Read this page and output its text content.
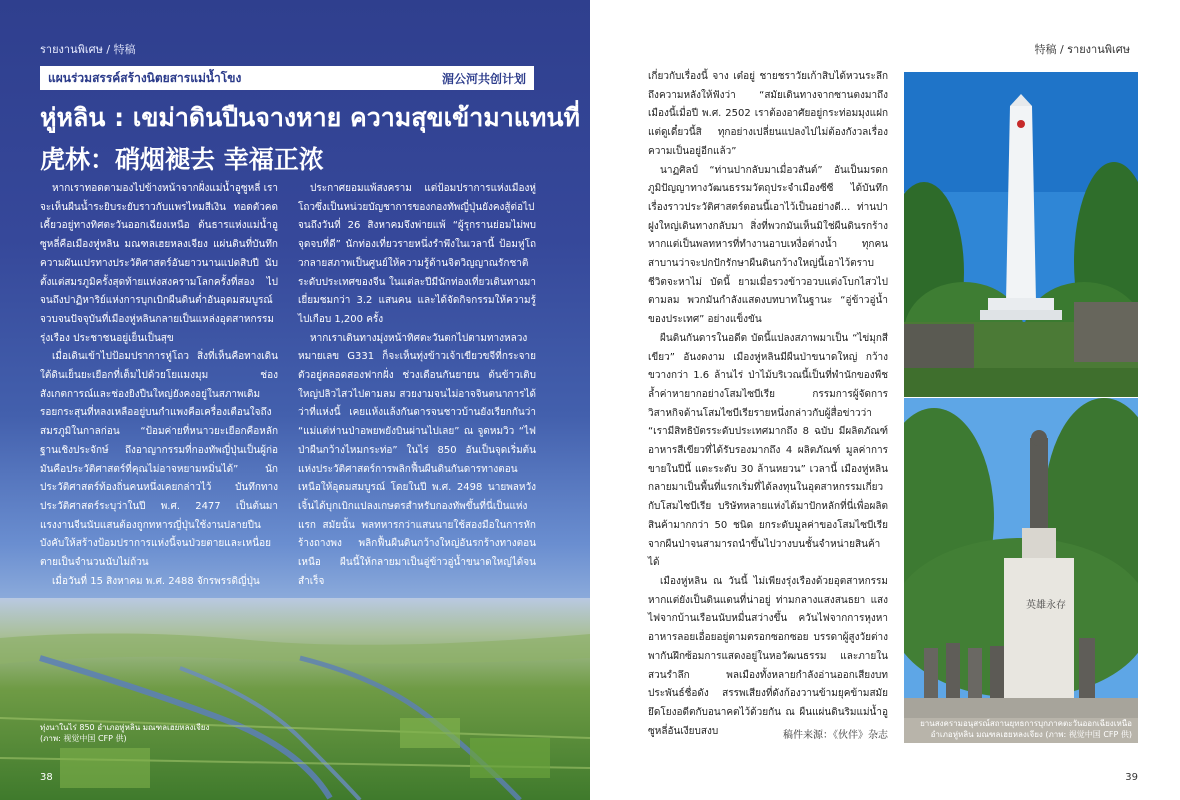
รายงานพิเศษ / 特稿
แผนร่วมสรรค์สร้างนิตยสารแม่น้ำโขง	湄公河共创计划
หู่หลิน : เขม่าดินปืนจางหาย ความสุขเข้ามาแทนที่
虎林：硝烟褪去 幸福正浓

หากเราทอดตามองไปข้างหน้าจากฝั่งแม่น้ำอูซูหลี่ เราจะเห็นผืนน้ำระยิบระยับราวกับแพรไหมสีเงิน ทอดตัวคดเคี้ยวอยู่ทางทิศตะวันออกเฉียงเหนือ ต้นธารแห่งแม่น้ำอูซูหลี่คือเมืองหู่หลิน มณฑลเฮยหลงเจียง แผ่นดินที่บันทึกความผันแปรทางประวัติศาสตร์อันยาวนานแปดสิบปี นับตั้งแต่สมรภูมิครั้งสุดท้ายแห่งสงครามโลกครั้งที่สอง ไปจนถึงปาฏิหาริย์แห่งการบุกเบิกผืนดินต่ำอันอุดมสมบูรณ์ จวบจนปัจจุบันที่เมืองหู่หลินกลายเป็นแหล่งอุตสาหกรรมรุ่งเรือง ประชาชนอยู่เย็นเป็นสุข

เมื่อเดินเข้าไปป้อมปราการหู่โถว สิ่งที่เห็นคือทางเดินใต้ดินเย็นยะเยือกที่เต็มไปด้วยโยแมงมุม ช่องสังเกตการณ์และช่องยิงปืนใหญ่ยังคงอยู่ในสภาพเดิม รอยกระสุนที่หลงเหลืออยู่บนกำแพงคือเครื่องเตือนใจถึงสมรภูมิในกาลก่อน “ป้อมค่ายที่หนาวยะเยือกคือหลักฐานเชิงประจักษ์ ถึงอาญากรรมที่กองทัพญี่ปุ่นเป็นผู้ก่อ มันคือประวัติศาสตร์ที่คุณไม่อาจหยามหมิ่นได้” นักประวัติศาสตร์ท้องถิ่นคนหนึ่งเคยกล่าวไว้ บันทึกทางประวัติศาสตร์ระบุว่าในปี พ.ศ. 2477 เป็นต้นมา แรงงานจีนนับแสนต้องถูกทหารญี่ปุ่นใช้งานปลายปืนบังคับให้สร้างป้อมปราการแห่งนี้จนป่วยตายและเหนื่อยตายเป็นจำนวนนับไม่ถ้วน

เมื่อวันที่ 15 สิงหาคม พ.ศ. 2488 จักรพรรดิญี่ปุ่น

ประกาศยอมแพ้สงคราม แต่ป้อมปราการแห่งเมืองหู่โถวซึ่งเป็นหน่วยบัญชาการของกองทัพญี่ปุ่นยังคงสู้ต่อไปจนถึงวันที่ 26 สิงหาคมจึงพ่ายแพ้ “ผู้รุกรานย่อมไม่พบจุดจบที่ดี” นักท่องเที่ยวรายหนึ่งรำพึงในเวลานี้ ป้อมหู่โถวกลายสภาพเป็นศูนย์ให้ความรู้ด้านจิตวิญญาณรักชาติระดับประเทศของจีน ในแต่ละปีมีนักท่องเที่ยวเดินทางมาเยี่ยมชมกว่า 3.2 แสนคน และได้จัดกิจกรรมให้ความรู้ไปเกือบ 1,200 ครั้ง

หากเราเดินทางมุ่งหน้าทิศตะวันตกไปตามทางหลวงหมายเลข G331 ก็จะเห็นทุ่งข้าวเจ้าเขียวขจีที่กระจายตัวอยู่ตลอดสองฟากฝั่ง ช่วงเดือนกันยายน ต้นข้าวเติบใหญ่ปลิวไสวไปตามลม สวยงามจนไม่อาจจินตนาการได้ว่าที่แห่งนี้ เคยแห้งแล้งกันดารจนชาวบ้านยังเรียกกันว่า “แม่แต่ห่านป่าอพยพยังบินผ่านไปเลย” ณ จูดหมวิว “ไฟป่าผืนกว้างไหมกระท่อ” ในไร่ 850 อันเป็นจุดเริ่มต้นแห่งประวัติศาสตร์การพลิกฟื้นผืนดินกันดารทางตอนเหนือให้อุดมสมบูรณ์ โดยในปี พ.ศ. 2498 นายพลหวังเจิ้นได้บุกเบิกแปลงเกษตรสำหรับกองทัพขึ้นที่นี่เป็นแห่งแรก สมัยนั้น พลทหารกว่าแสนนายใช้สองมือในการหักร้างถางพง พลิกฟื้นผืนดินกว้างใหญ่อันรกร้างทางตอนเหนือ ผืนนี้ให้กลายมาเป็นอู่ข้าวอู่น้ำขนาดใหญ่ได้จนสำเร็จ

ทุ่งนาในไร่ 850 อำเภอหู่หลิน มณฑลเฮยหลงเจียง (ภาพ: 视觉中国 CFP 供)
38
特稿 / รายงานพิเศษ

เกี่ยวกับเรื่องนี้ จาง เต๋อยู่ ชายชราวัยเก้าสิบได้หวนระลึกถึงความหลังให้ฟังว่า “สมัยเดินทางจากซานตงมาถึงเมืองนี้เมื่อปี พ.ศ. 2502 เราต้องอาศัยอยู่กระท่อมมุงแฝก แต่ดูเดี๋ยวนี้สิ ทุกอย่างเปลี่ยนแปลงไปไม่ต้องกังวลเรื่องความเป็นอยู่อีกแล้ว”

นาฏศิลป์ “ท่านปากลับมาเมื่อวสันต์” อันเป็นมรดกภูมิปัญญาทางวัฒนธรรมวัตถุประจำเมืองซีซี ได้บันทึกเรื่องราวประวัติศาสตร์ตอนนี้เอาไว้เป็นอย่างดี... ท่านปาฝูงใหญ่เดินทางกลับมา สิ่งที่พวกมันเห็นมิใช่ผืนดินรกร้าง หากแต่เป็นพลทหารที่ทำงานอาบเหงื่อต่างน้ำ ทุกคนสาบานว่าจะปกปักรักษาผืนดินกว้างใหญ่นี้เอาไว้ตราบชีวิตจะหาไม่ บัดนี้ ยามเมื่อรวงข้าวอวบแต่งโบกไสวไปตามลม พวกมันกำลังแสดงบทบาทในฐานะ “อู่ข้าวอู่น้ำของประเทศ” อย่างแข็งขัน

ผืนดินกันดารในอดีต บัดนี้แปลงสภาพมาเป็น “ไข่มุกสีเขียว” อันงดงาม เมืองหู่หลินมีผืนป่าขนาดใหญ่ กว้างขวางกว่า 1.6 ล้านไร่ ป่าไม้บริเวณนี้เป็นที่พำนักของพืชล้ำค่าหายากอย่างโสมไซบีเรีย กรรมการผู้จัดการวิสาหกิจด้านโสมไซบีเรียรายหนึ่งกล่าวกับผู้สื่อข่าวว่า “เรามีสิทธิบัตรระดับประเทศมากถึง 8 ฉบับ มีผลิตภัณฑ์อาหารสีเขียวที่ได้รับรองมากถึง 4 ผลิตภัณฑ์ มูลค่าการขายในปีนี้ แตะระดับ 30 ล้านหยวน” เวลานี้ เมืองหู่หลินกลายมาเป็นพื้นที่แรกเริ่มที่ได้ลงทุนในอุตสาหกรรมเกี่ยวกับโสมไซบีเรีย บริษัทหลายแห่งได้มาปักหลักที่นี่เพื่อผลิตสินค้ามากกว่า 50 ชนิด ยกระดับมูลค่าของโสมไซบีเรียจากผืนป่าจนสามารถนำขึ้นไปวางบนชั้นจำหน่ายสินค้าได้

เมืองหู่หลิน ณ วันนี้ ไม่เพียงรุ่งเรืองด้วยอุตสาหกรรม หากแต่ยังเป็นดินแดนที่น่าอยู่ ท่ามกลางแสงสนธยา แสงไฟจากบ้านเรือนนับหมื่นสว่างขึ้น ควันไฟจากการหุงหาอาหารลอยเอื่อยอยู่ตามตรอกซอกซอย บรรดาผู้สูงวัยต่างพากันฝึกซ้อมการแสดงอยู่ในหอวัฒนธรรม และภายในสวนรำลึก พลเมืองทั้งหลายกำลังอ่านออกเสียงบทประพันธ์ชื่อดัง สรรพเสียงที่ดังก้องวานข้ามยุคข้ามสมัยยึดโยงอดีตกับอนาคตไว้ด้วยกัน ณ ผืนแผ่นดินริมแม่น้ำอูซูหลี่อันเงียบสงบ	稿件来源：《伙伴》杂志
英雄永存
ยานสงครามอนุสรณ์สถานยุทธการบุกภาคตะวันออกเฉียงเหนือ อำเภอหู่หลิน มณฑลเฮยหลงเจียง (ภาพ: 视觉中国 CFP 供)
39
